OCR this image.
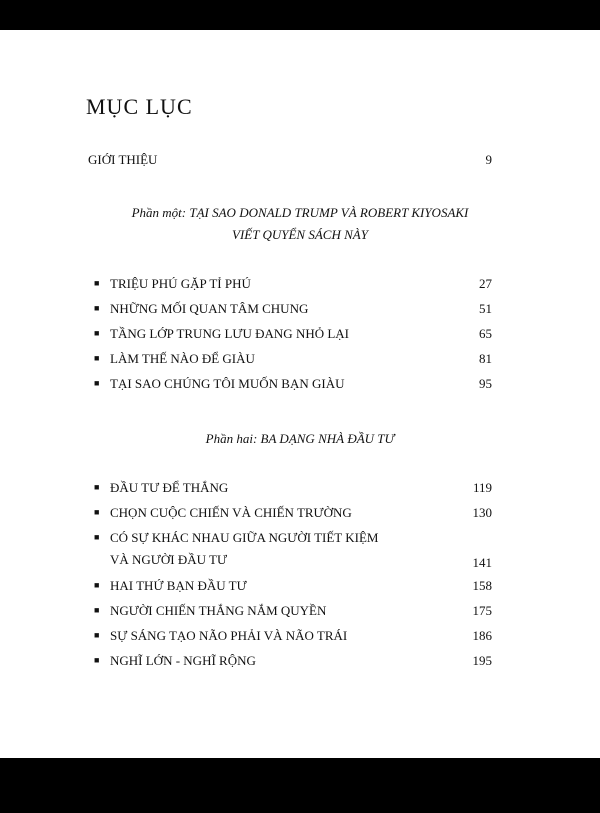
MỤC LỤC
GIỚI THIỆU	9
Phần một: TẠI SAO DONALD TRUMP VÀ ROBERT KIYOSAKI
VIẾT QUYỂN SÁCH NÀY
■ TRIỆU PHÚ GẶP TỈ PHÚ	27
■ NHỮNG MỐI QUAN TÂM CHUNG	51
■ TẦNG LỚP TRUNG LƯU ĐANG NHỎ LẠI	65
■ LÀM THẾ NÀO ĐỂ GIÀU	81
■ TẠI SAO CHÚNG TÔI MUỐN BẠN GIÀU	95
Phần hai: BA DẠNG NHÀ ĐẦU TƯ
■ ĐẦU TƯ ĐỂ THẮNG	119
■ CHỌN CUỘC CHIẾN VÀ CHIẾN TRƯỜNG	130
■ CÓ SỰ KHÁC NHAU GIỮA NGƯỜI TIẾT KIỆM
VÀ NGƯỜI ĐẦU TƯ	141
■ HAI THỨ BẠN ĐẦU TƯ	158
■ NGƯỜI CHIẾN THẮNG NẮM QUYỀN	175
■ SỰ SÁNG TẠO NÃO PHẢI VÀ NÃO TRÁI	186
■ NGHĨ LỚN - NGHĨ RỘNG	195
